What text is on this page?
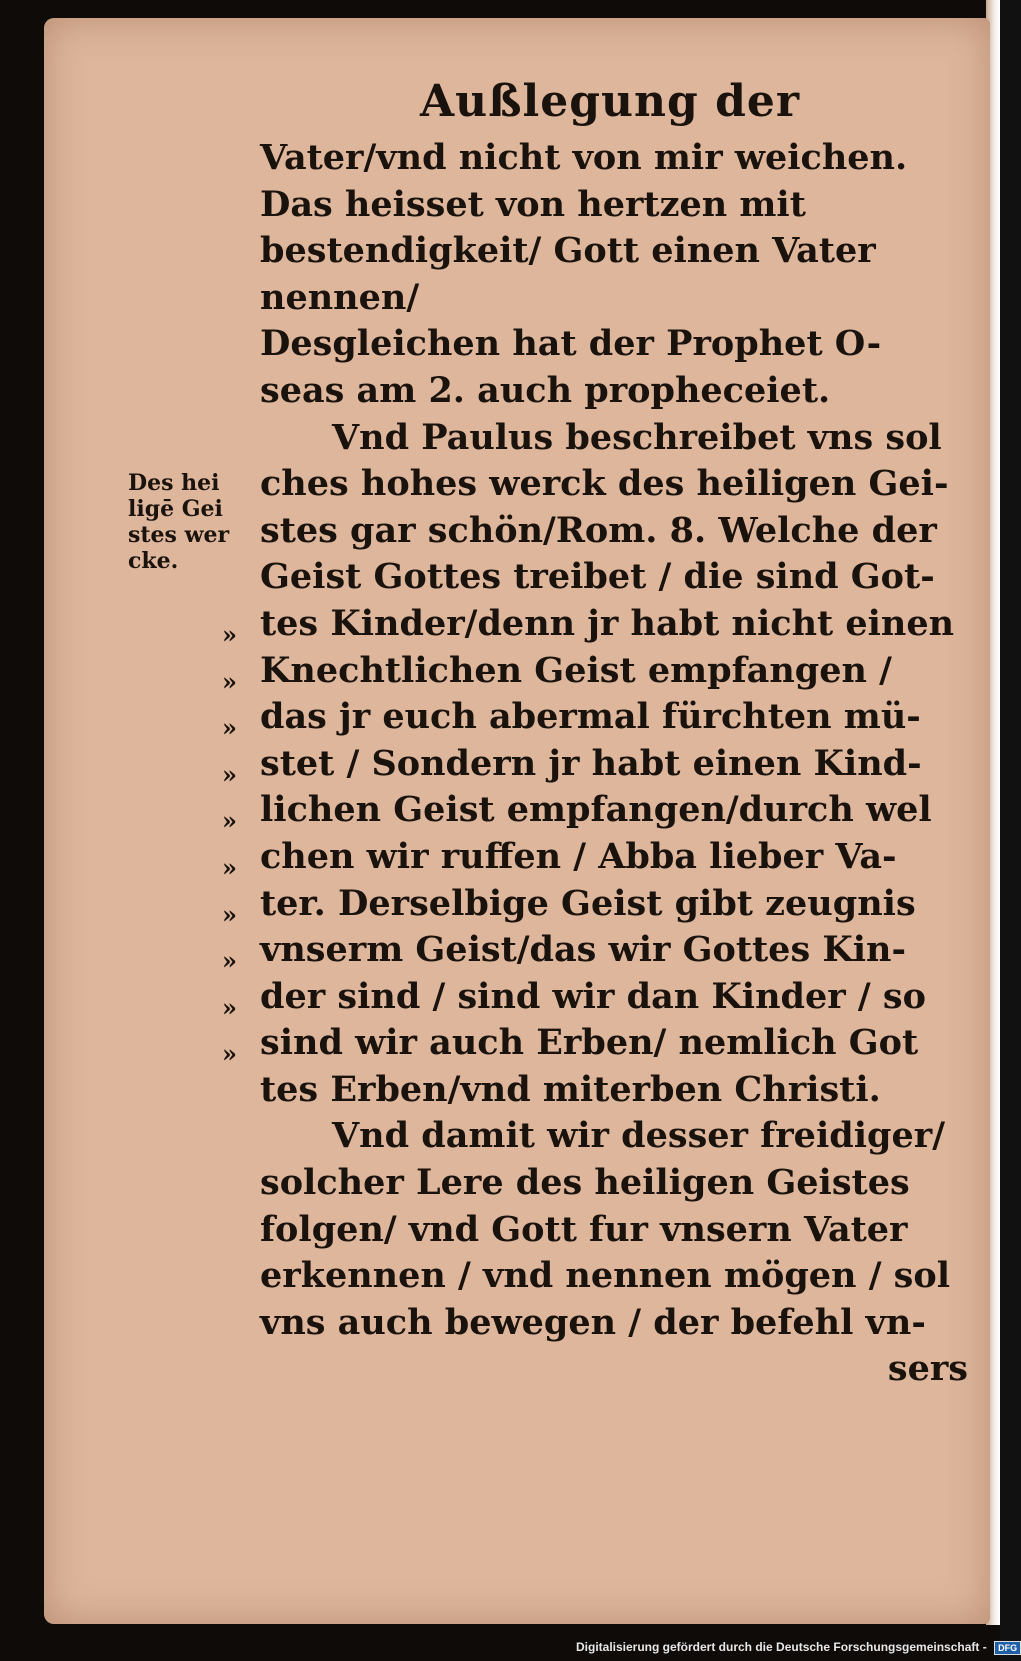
Außlegung der
Des hei
ligē Gei
stes wer
cke.
»
»
»
»
»
»
»
»
»
»
Vater/vnd nicht von mir weichen.
Das heisset von hertzen mit bestendigkeit/ Gott einen Vater nennen/
Desgleichen hat der Prophet O-
seas am 2. auch propheceiet.
Vnd Paulus beschreibet vns sol
ches hohes werck des heiligen Gei-
stes gar schön/Rom. 8. Welche der
Geist Gottes treibet / die sind Got-
tes Kinder/denn jr habt nicht einen
Knechtlichen Geist empfangen /
das jr euch abermal fürchten mü-
stet / Sondern jr habt einen Kind-
lichen Geist empfangen/durch wel
chen wir ruffen / Abba lieber Va-
ter. Derselbige Geist gibt zeugnis
vnserm Geist/das wir Gottes Kin-
der sind / sind wir dan Kinder / so
sind wir auch Erben/ nemlich Got
tes Erben/vnd miterben Christi.
Vnd damit wir desser freidiger/
solcher Lere des heiligen Geistes
folgen/ vnd Gott fur vnsern Vater
erkennen / vnd nennen mögen / sol
vns auch bewegen / der befehl vn-
sers
Digitalisierung gefördert durch die Deutsche Forschungsgemeinschaft - DFG
